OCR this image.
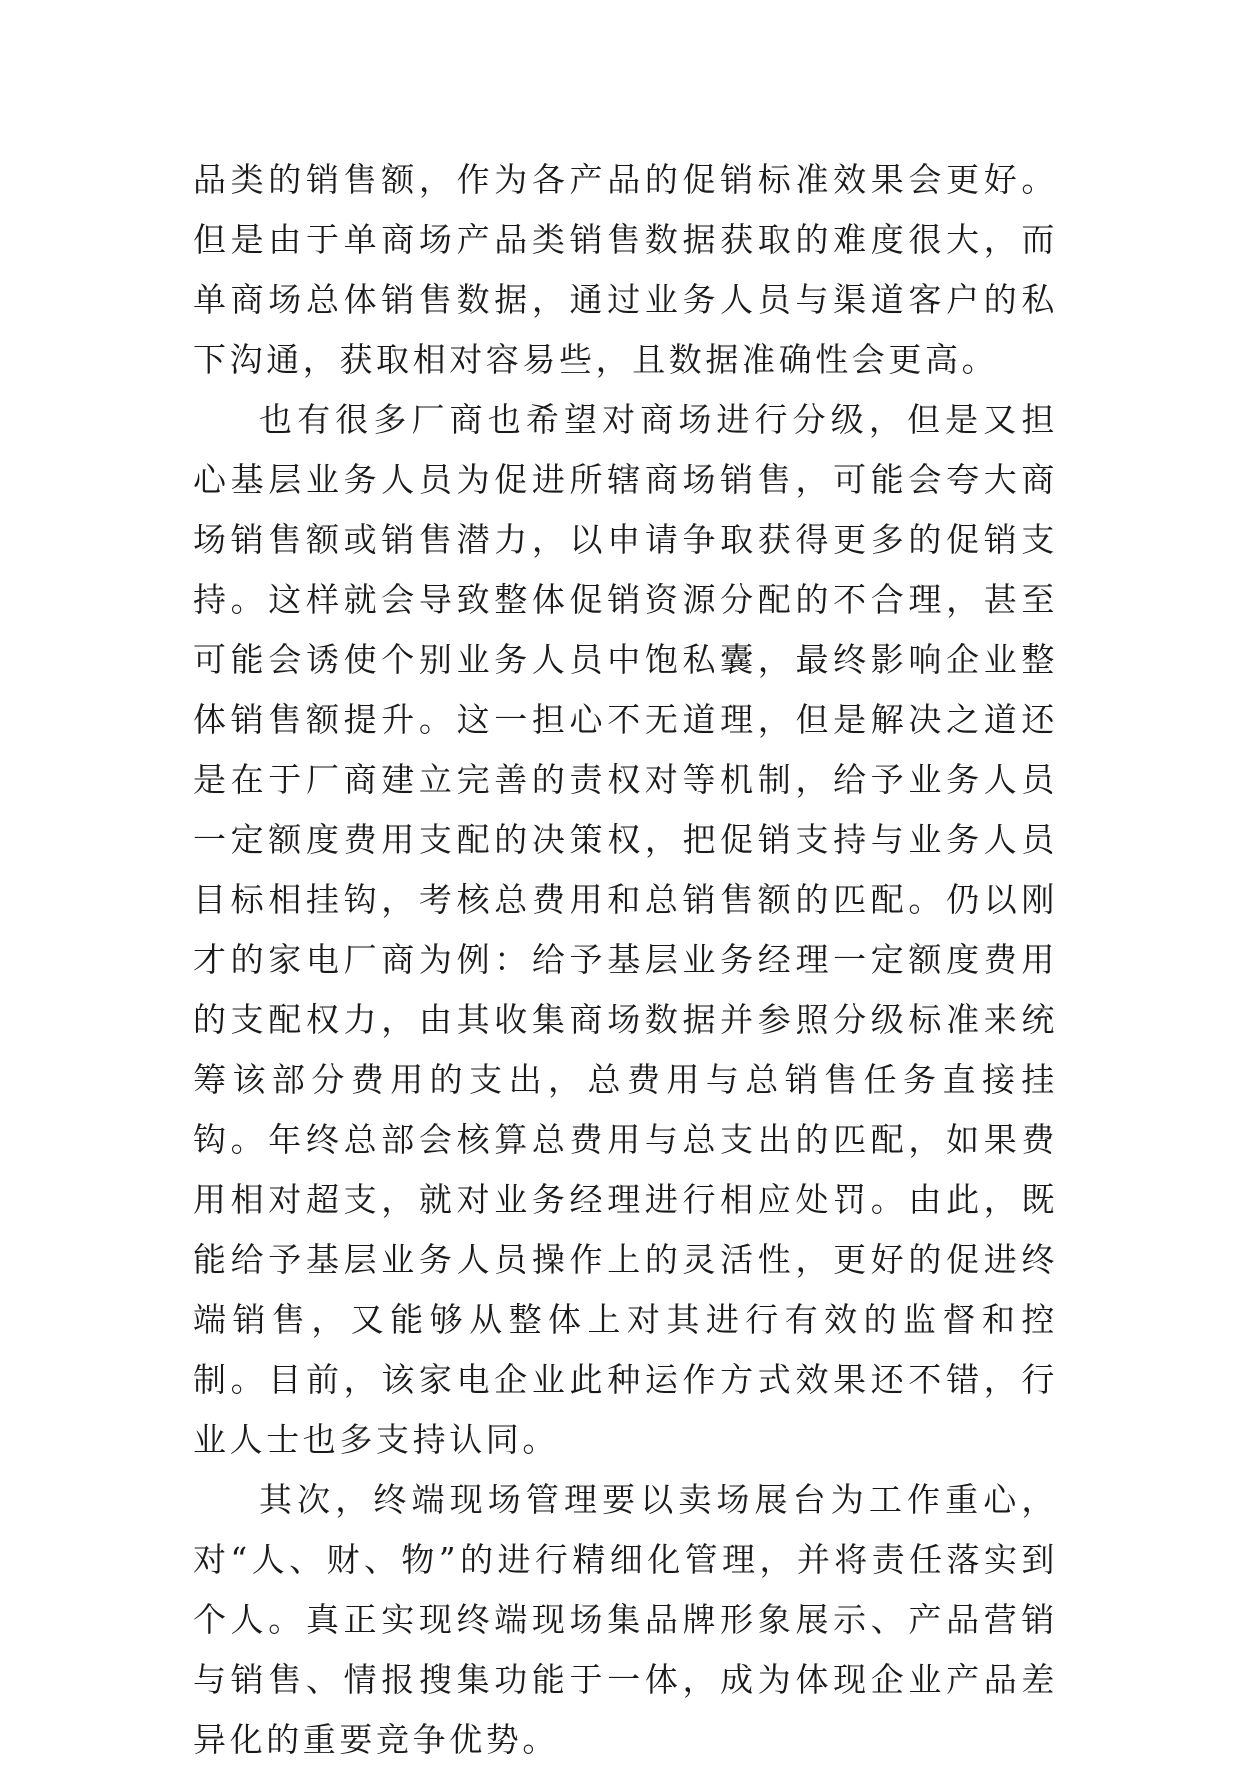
品类的销售额，作为各产品的促销标准效果会更好。但是由于单商场产品类销售数据获取的难度很大，而单商场总体销售数据，通过业务人员与渠道客户的私下沟通，获取相对容易些，且数据准确性会更高。

也有很多厂商也希望对商场进行分级，但是又担心基层业务人员为促进所辖商场销售，可能会夸大商场销售额或销售潜力，以申请争取获得更多的促销支持。这样就会导致整体促销资源分配的不合理，甚至可能会诱使个别业务人员中饱私囊，最终影响企业整体销售额提升。这一担心不无道理，但是解决之道还是在于厂商建立完善的责权对等机制，给予业务人员一定额度费用支配的决策权，把促销支持与业务人员目标相挂钩，考核总费用和总销售额的匹配。仍以刚才的家电厂商为例：给予基层业务经理一定额度费用的支配权力，由其收集商场数据并参照分级标准来统筹该部分费用的支出，总费用与总销售任务直接挂钩。年终总部会核算总费用与总支出的匹配，如果费用相对超支，就对业务经理进行相应处罚。由此，既能给予基层业务人员操作上的灵活性，更好的促进终端销售，又能够从整体上对其进行有效的监督和控制。目前，该家电企业此种运作方式效果还不错，行业人士也多支持认同。

其次，终端现场管理要以卖场展台为工作重心，对“人、财、物”的进行精细化管理，并将责任落实到个人。真正实现终端现场集品牌形象展示、产品营销与销售、情报搜集功能于一体，成为体现企业产品差异化的重要竞争优势。
